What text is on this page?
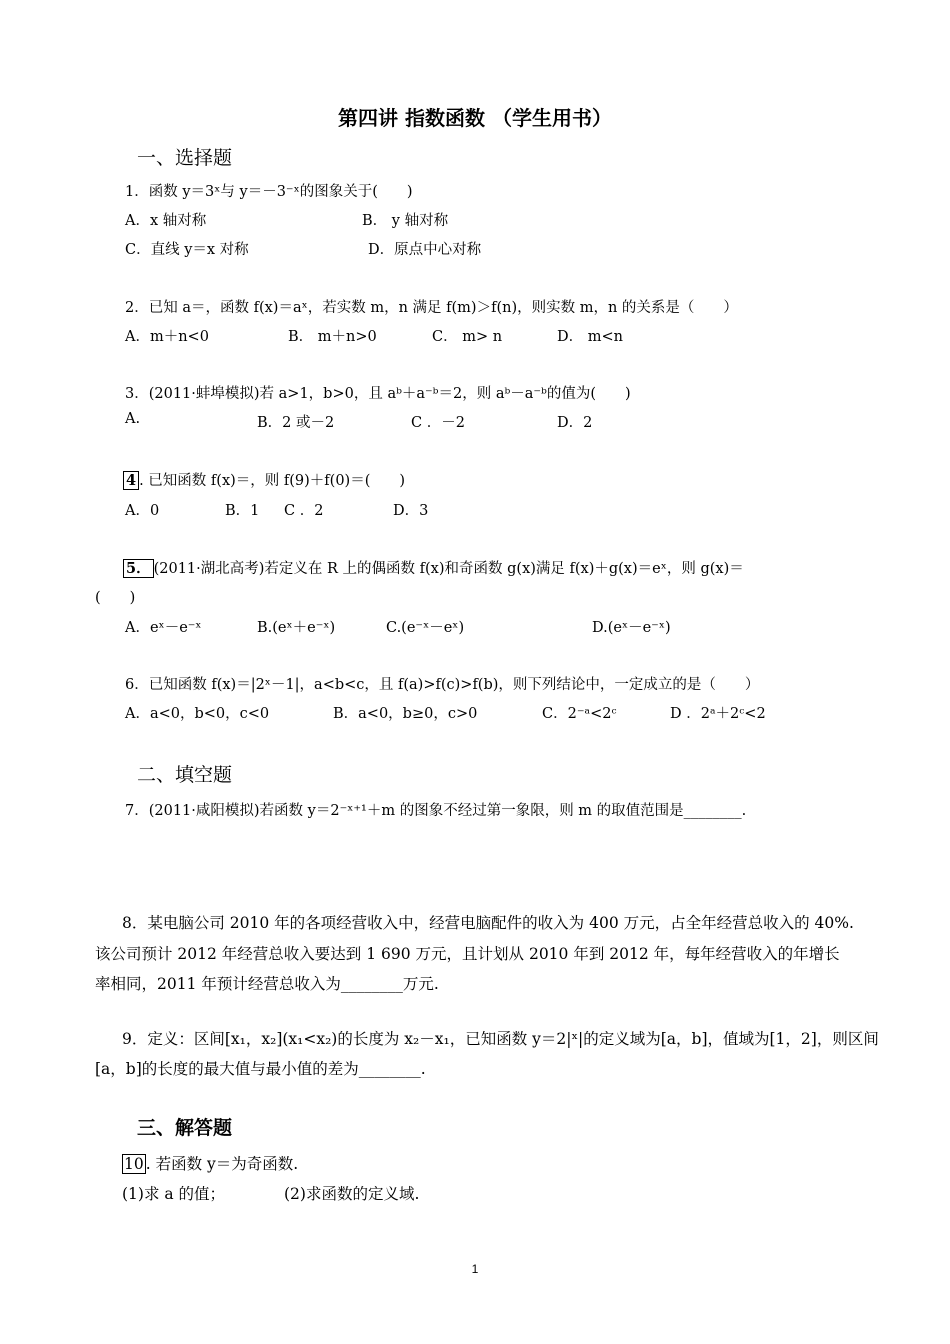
第四讲 指数函数 （学生用书）
一、选择题
1．函数 y＝3ˣ与 y＝－3⁻ˣ的图象关于(　　)
A．x 轴对称	B． y 轴对称
C．直线 y＝x 对称	D．原点中心对称
2．已知 a＝，函数 f(x)＝aˣ，若实数 m，n 满足 f(m)＞f(n)，则实数 m，n 的关系是（　　）
A．m＋n<0	B． m＋n>0	C． m> n	D． m<n
3．(2011·蚌埠模拟)若 a>1，b>0，且 aᵇ＋a⁻ᵇ＝2，则 aᵇ－a⁻ᵇ的值为(　　)
A.	B．2 或－2	C ．－2	D．2
4 . 已知函数 f(x)＝，则 f(9)＋f(0)＝(　　)
A．0	B．1 C ．2	D．3
5． (2011·湖北高考)若定义在 R 上的偶函数 f(x)和奇函数 g(x)满足 f(x)＋g(x)＝eˣ，则 g(x)＝
(　　)
A．eˣ－e⁻ˣ	B.(eˣ＋e⁻ˣ)	C.(e⁻ˣ－eˣ)	D.(eˣ－e⁻ˣ)
6．已知函数 f(x)＝|2ˣ－1|，a<b<c，且 f(a)>f(c)>f(b)，则下列结论中，一定成立的是（　　）
A．a<0，b<0，c<0	B．a<0，b≥0，c>0	C．2⁻ᵃ<2ᶜ	D ．2ᵃ＋2ᶜ<2
二、填空题
7．(2011·咸阳模拟)若函数 y＝2⁻ˣ⁺¹＋m 的图象不经过第一象限，则 m 的取值范围是________.
8．某电脑公司 2010 年的各项经营收入中，经营电脑配件的收入为 400 万元，占全年经营总收入的 40%.
该公司预计 2012 年经营总收入要达到 1 690 万元，且计划从 2010 年到 2012 年，每年经营收入的年增长
率相同，2011 年预计经营总收入为________万元.
9．定义：区间[x₁，x₂](x₁<x₂)的长度为 x₂－x₁，已知函数 y＝2|ˣ|的定义域为[a，b]，值域为[1，2]，则区间
[a，b]的长度的最大值与最小值的差为________.
三、解答题
10 . 若函数 y＝为奇函数.
(1)求 a 的值；	(2)求函数的定义域.
1
